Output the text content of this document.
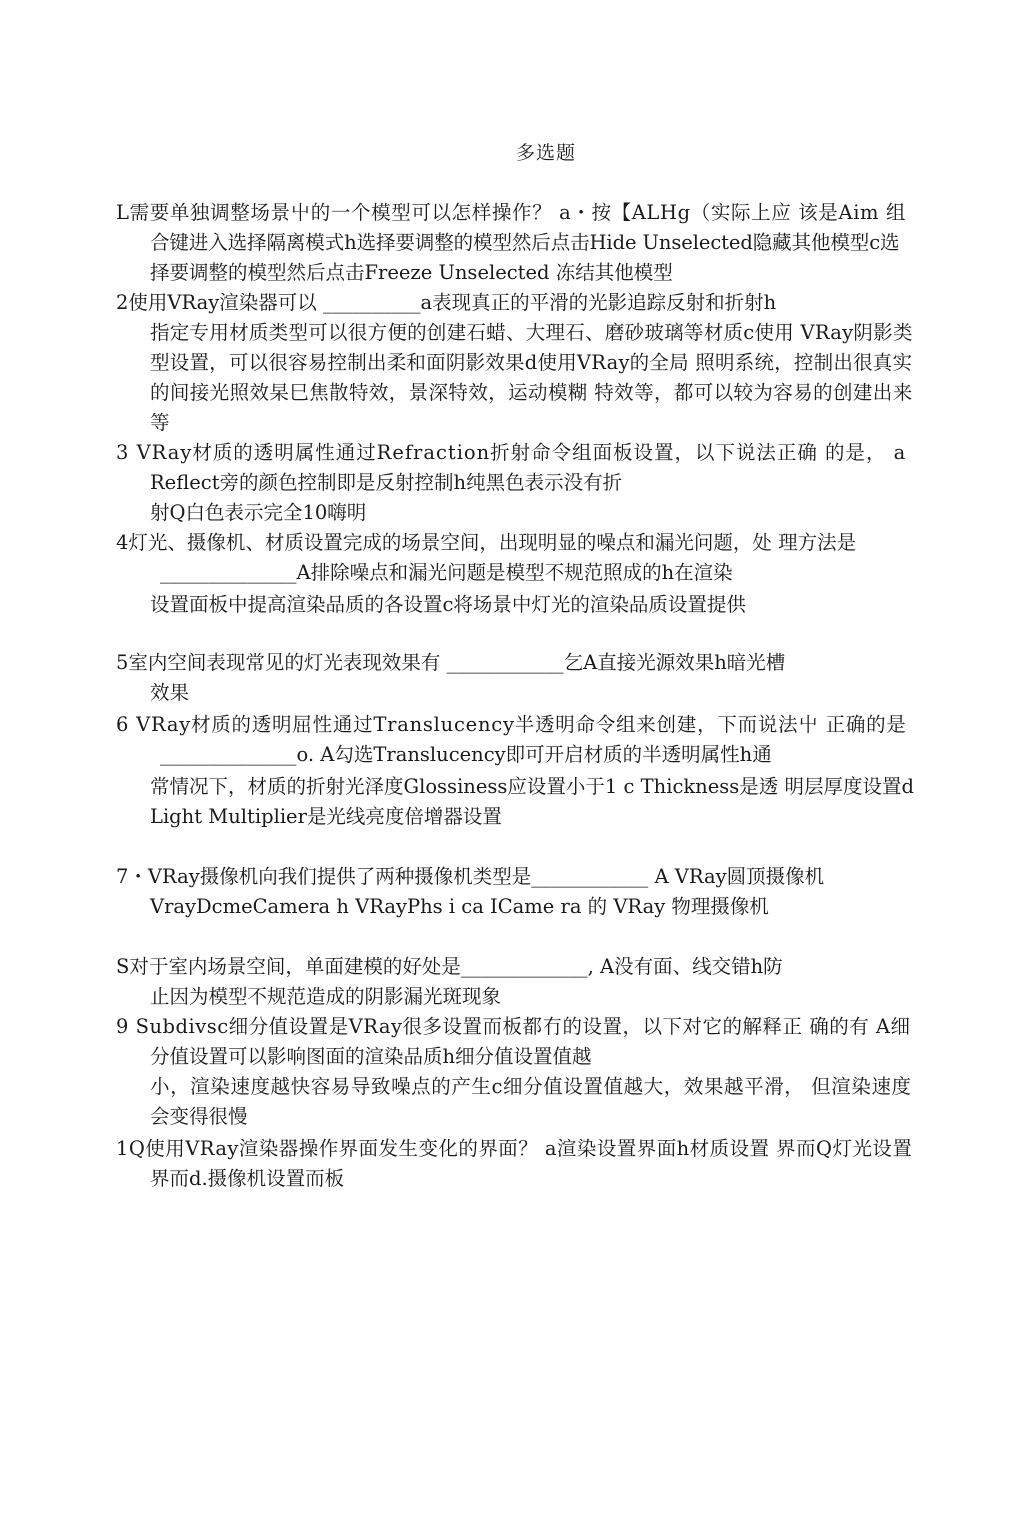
多选题
L需要单独调整场景屮的一个模型可以怎样操作？ a・按【ALHg（实际上应 该是Aim 组
合键进入选择隔离模式h选择要调整的模型然后点击Hide Unselected隐藏其他模型c选
择要调整的模型然后点击Freeze Unselected 冻结其他模型
2使用VRay渲染器可以 __________a表现真正的平滑的光影追踪反射和折射h
指定专用材质类型可以很方便的创建石蜡、大理石、磨砂玻璃等材质c使用 VRay阴影类
型设置，可以很容易控制出柔和面阴影效果d使用VRay的全局 照明系统，控制出很真实
的间接光照效杲巳焦散特效，景深特效，运动模糊 特效等，都可以较为容易的创建出来
等
3 VRay材质的透明属性通过Refraction折射命令组面板设置，以下说法正确 的是， a
Reflect旁的颜色控制即是反射控制h纯黑色表示没有折
射Q白色表示完全10嗨明
4灯光、摄像机、材质设置完成的场景空间，出现明显的噪点和漏光问题，处 理方法是
______________A排除噪点和漏光问题是模型不规范照成的h在渲染
设置面板中提高渲染品质的各设置c将场景中灯光的渲染品质设置提供
5室内空间表现常见的灯光表现效果有 ____________乞A直接光源效果h暗光槽
效果
6 VRay材质的透明屈性通过Translucency半透明命令组来创建，下而说法屮 正确的是
______________o. A勾选Translucency即可开启材质的半透明属性h通
常情况下，材质的折射光泽度Glossiness应设置小于1 c Thickness是透 明层厚度设置d
Light Multiplier是光线亮度倍增器设置
7・VRay摄像机向我们提供了两种摄像机类型是____________ A VRay圆顶摄像机
VrayDcmeCamera h VRayPhs i ca ICame ra 的 VRay 物理摄像机
S对于室内场景空间，单面建模的好处是_____________, A没有面、线交错h防
止因为模型不规范造成的阴影漏光斑现象
9 Subdivsc细分值设置是VRay很多设置而板都冇的设置，以下对它的解释正 确的有 A细
分值设置可以影响图面的渲染品质h细分值设置值越
小，渲染速度越快容易导致噪点的产生c细分值设置值越大，效果越平滑， 但渲染速度
会变得很慢
1Q使用VRay渲染器操作界面发生变化的界面？ a渲染设置界面h材质设置 界而Q灯光设置
界而d.摄像机设置而板
